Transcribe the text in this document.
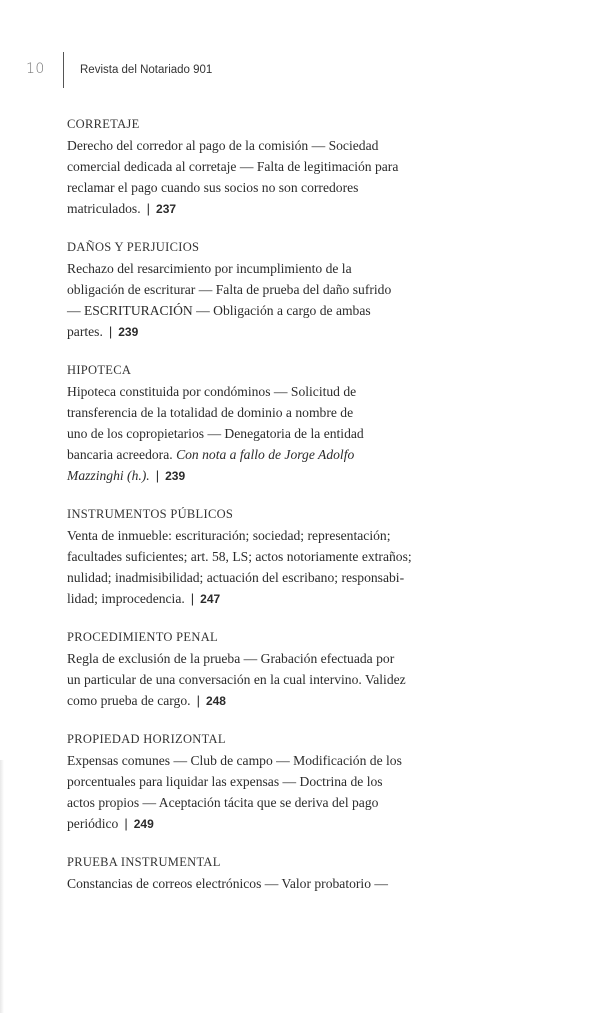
10	Revista del Notariado 901
CORRETAJE
Derecho del corredor al pago de la comisión — Sociedad
comercial dedicada al corretaje — Falta de legitimación para
reclamar el pago cuando sus socios no son corredores
matriculados. | 237
DAÑOS Y PERJUICIOS
Rechazo del resarcimiento por incumplimiento de la
obligación de escriturar — Falta de prueba del daño sufrido
— ESCRITURACIÓN — Obligación a cargo de ambas
partes. | 239
HIPOTECA
Hipoteca constituida por condóminos — Solicitud de
transferencia de la totalidad de dominio a nombre de
uno de los copropietarios — Denegatoria de la entidad
bancaria acreedora. Con nota a fallo de Jorge Adolfo
Mazzinghi (h.). | 239
INSTRUMENTOS PÚBLICOS
Venta de inmueble: escrituración; sociedad; representación;
facultades suficientes; art. 58, LS; actos notoriamente extraños;
nulidad; inadmisibilidad; actuación del escribano; responsabi-
lidad; improcedencia. | 247
PROCEDIMIENTO PENAL
Regla de exclusión de la prueba — Grabación efectuada por
un particular de una conversación en la cual intervino. Validez
como prueba de cargo. | 248
PROPIEDAD HORIZONTAL
Expensas comunes — Club de campo — Modificación de los
porcentuales para liquidar las expensas — Doctrina de los
actos propios — Aceptación tácita que se deriva del pago
periódico | 249
PRUEBA INSTRUMENTAL
Constancias de correos electrónicos — Valor probatorio —
